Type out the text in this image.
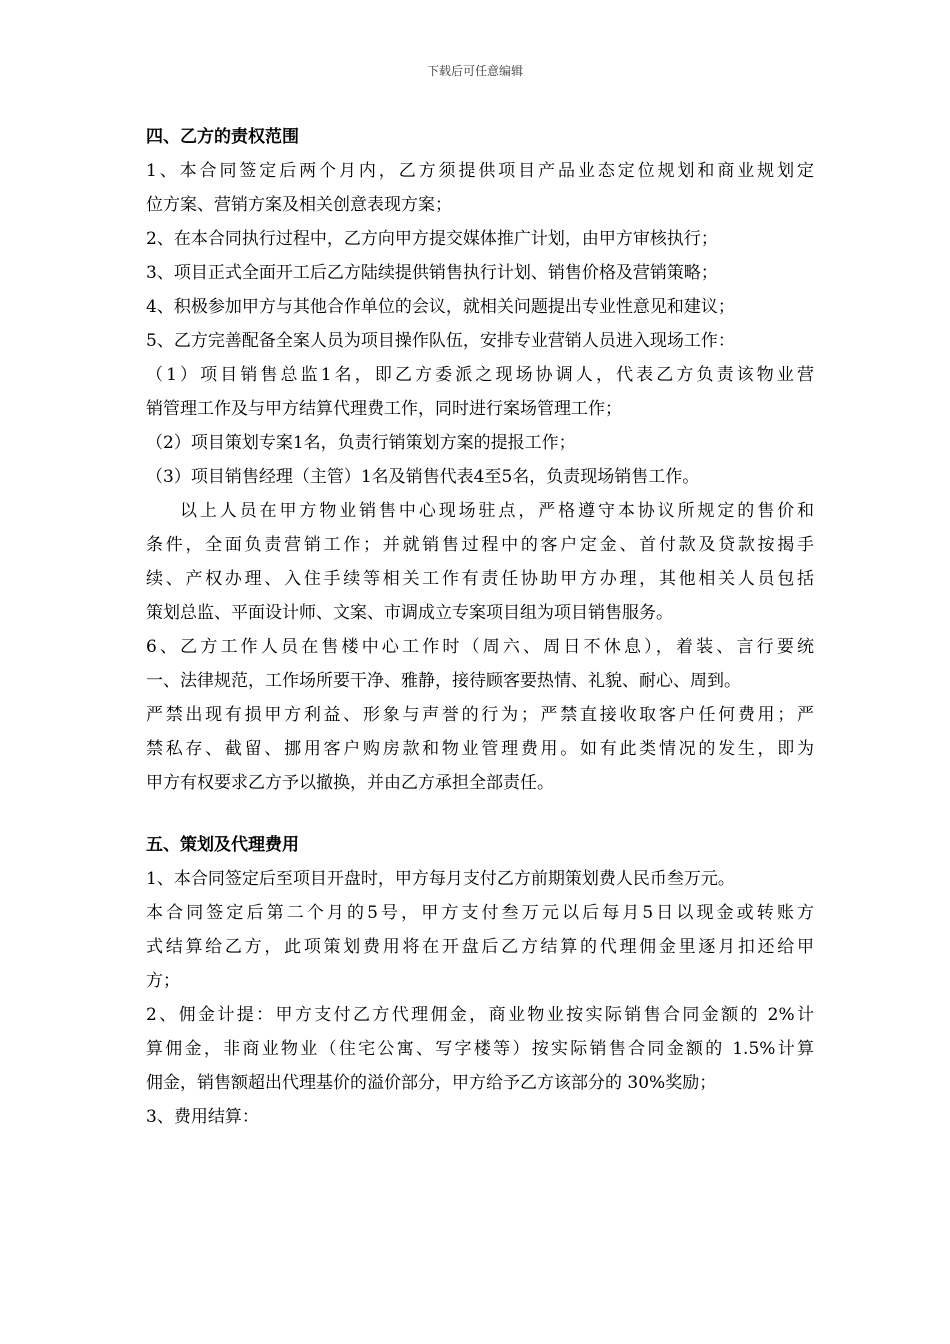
下载后可任意编辑
四、乙方的责权范围
1、本合同签定后两个月内，乙方须提供项目产品业态定位规划和商业规划定
位方案、营销方案及相关创意表现方案；
2、在本合同执行过程中，乙方向甲方提交媒体推广计划，由甲方审核执行；
3、项目正式全面开工后乙方陆续提供销售执行计划、销售价格及营销策略；
4、积极参加甲方与其他合作单位的会议，就相关问题提出专业性意见和建议；
5、乙方完善配备全案人员为项目操作队伍，安排专业营销人员进入现场工作：
（1）项目销售总监1名，即乙方委派之现场协调人，代表乙方负责该物业营
销管理工作及与甲方结算代理费工作，同时进行案场管理工作；
（2）项目策划专案1名，负责行销策划方案的提报工作；
（3）项目销售经理（主管）1名及销售代表4至5名，负责现场销售工作。
以上人员在甲方物业销售中心现场驻点，严格遵守本协议所规定的售价和
条件，全面负责营销工作；并就销售过程中的客户定金、首付款及贷款按揭手
续、产权办理、入住手续等相关工作有责任协助甲方办理，其他相关人员包括
策划总监、平面设计师、文案、市调成立专案项目组为项目销售服务。
6、乙方工作人员在售楼中心工作时（周六、周日不休息），着装、言行要统
一、法律规范，工作场所要干净、雅静，接待顾客要热情、礼貌、耐心、周到。
严禁出现有损甲方利益、形象与声誉的行为；严禁直接收取客户任何费用；严
禁私存、截留、挪用客户购房款和物业管理费用。如有此类情况的发生，即为
甲方有权要求乙方予以撤换，并由乙方承担全部责任。
五、策划及代理费用
1、本合同签定后至项目开盘时，甲方每月支付乙方前期策划费人民币叁万元。
本合同签定后第二个月的5号，甲方支付叁万元以后每月5日以现金或转账方
式结算给乙方，此项策划费用将在开盘后乙方结算的代理佣金里逐月扣还给甲
方；
2、佣金计提：甲方支付乙方代理佣金，商业物业按实际销售合同金额的 2%计
算佣金，非商业物业（住宅公寓、写字楼等）按实际销售合同金额的 1.5%计算
佣金，销售额超出代理基价的溢价部分，甲方给予乙方该部分的 30%奖励；
3、费用结算：
